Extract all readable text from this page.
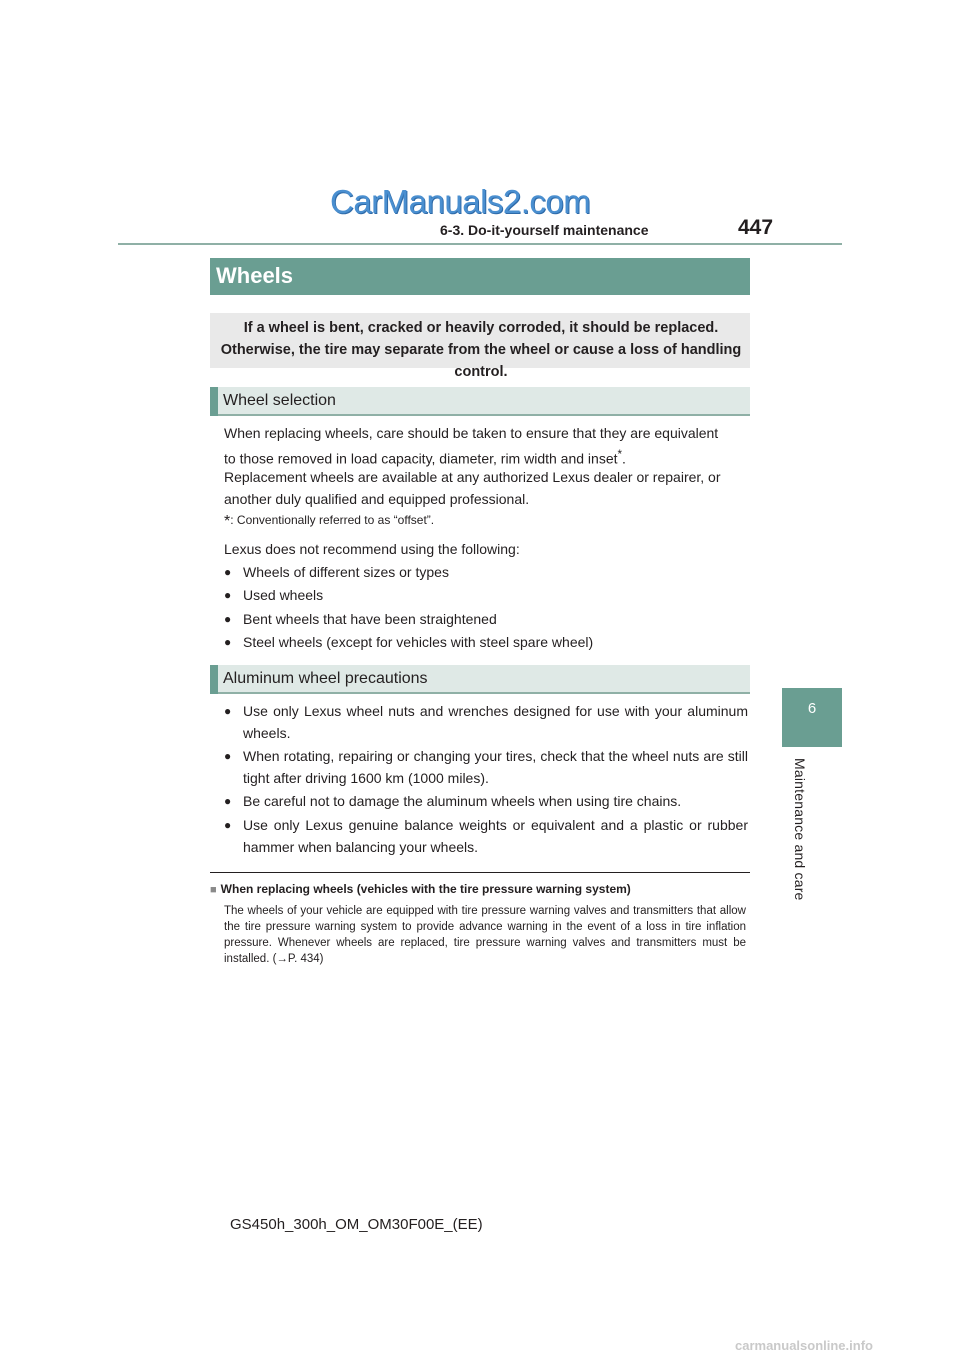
CarManuals2.com
6-3. Do-it-yourself maintenance	447
6
Maintenance and care
Wheels
If a wheel is bent, cracked or heavily corroded, it should be replaced. Otherwise, the tire may separate from the wheel or cause a loss of handling control.
Wheel selection
When replacing wheels, care should be taken to ensure that they are equivalent
to those removed in load capacity, diameter, rim width and inset*.
Replacement wheels are available at any authorized Lexus dealer or repairer, or another duly qualified and equipped professional.
*: Conventionally referred to as “offset”.
Lexus does not recommend using the following:
● Wheels of different sizes or types
● Used wheels
● Bent wheels that have been straightened
● Steel wheels (except for vehicles with steel spare wheel)
Aluminum wheel precautions
● Use only Lexus wheel nuts and wrenches designed for use with your aluminum wheels.
● When rotating, repairing or changing your tires, check that the wheel nuts are still tight after driving 1600 km (1000 miles).
● Be careful not to damage the aluminum wheels when using tire chains.
● Use only Lexus genuine balance weights or equivalent and a plastic or rubber hammer when balancing your wheels.
■ When replacing wheels (vehicles with the tire pressure warning system)
The wheels of your vehicle are equipped with tire pressure warning valves and transmitters that allow the tire pressure warning system to provide advance warning in the event of a loss in tire inflation pressure. Whenever wheels are replaced, tire pressure warning valves and transmitters must be installed. (→P. 434)
GS450h_300h_OM_OM30F00E_(EE)
carmanualsonline.info
